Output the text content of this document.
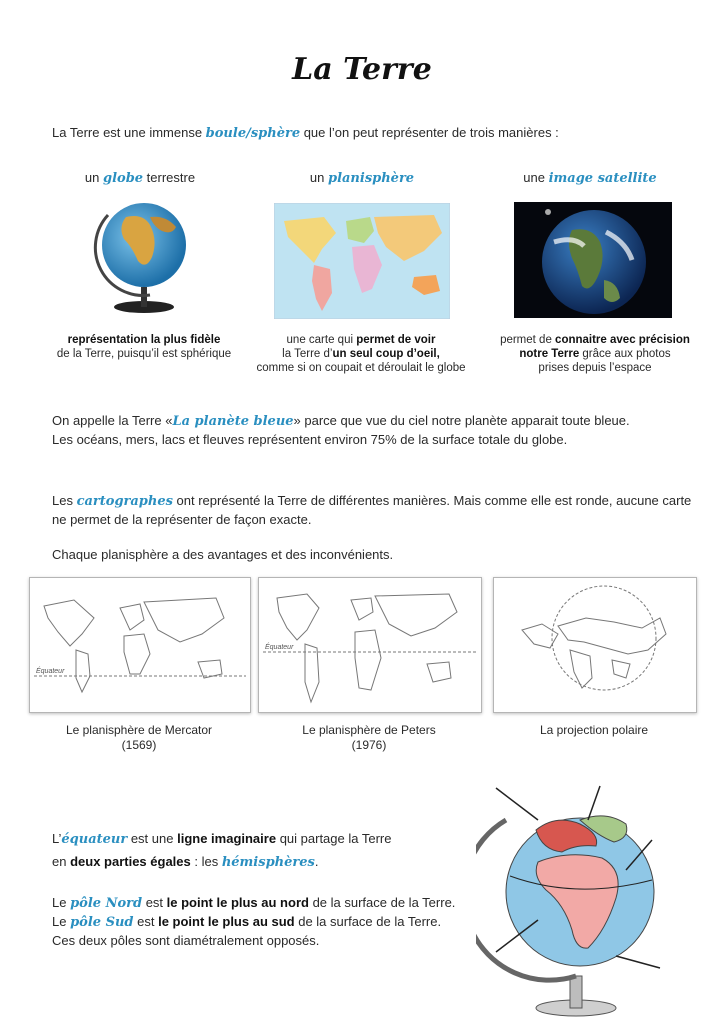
La Terre
La Terre est une immense boule/sphère que l’on peut représenter de trois manières :
un globe terrestre	un planisphère	une image satellite
représentation la plus fidèle
de la Terre, puisqu’il est sphérique
une carte qui permet de voir
la Terre d’un seul coup d’oeil,
comme si on coupait et déroulait le globe
permet de connaitre avec précision
notre Terre grâce aux photos
prises depuis l’espace
On appelle la Terre «La planète bleue» parce que vue du ciel notre planète apparait toute bleue.
Les océans, mers, lacs et fleuves représentent environ 75% de la surface totale du globe.
Les cartographes ont représenté la Terre de différentes manières. Mais comme elle est ronde, aucune carte
ne permet de la représenter de façon exacte.
Chaque planisphère a des avantages et des inconvénients.
Équateur
Équateur
Le planisphère de Mercator
(1569)
Le planisphère de Peters
(1976)
La projection polaire
L’équateur est une ligne imaginaire qui partage la Terre
en deux parties égales : les hémisphères.
Le pôle Nord est le point le plus au nord de la surface de la Terre.
Le pôle Sud est le point le plus au sud de la surface de la Terre.
Ces deux pôles sont diamétralement opposés.
